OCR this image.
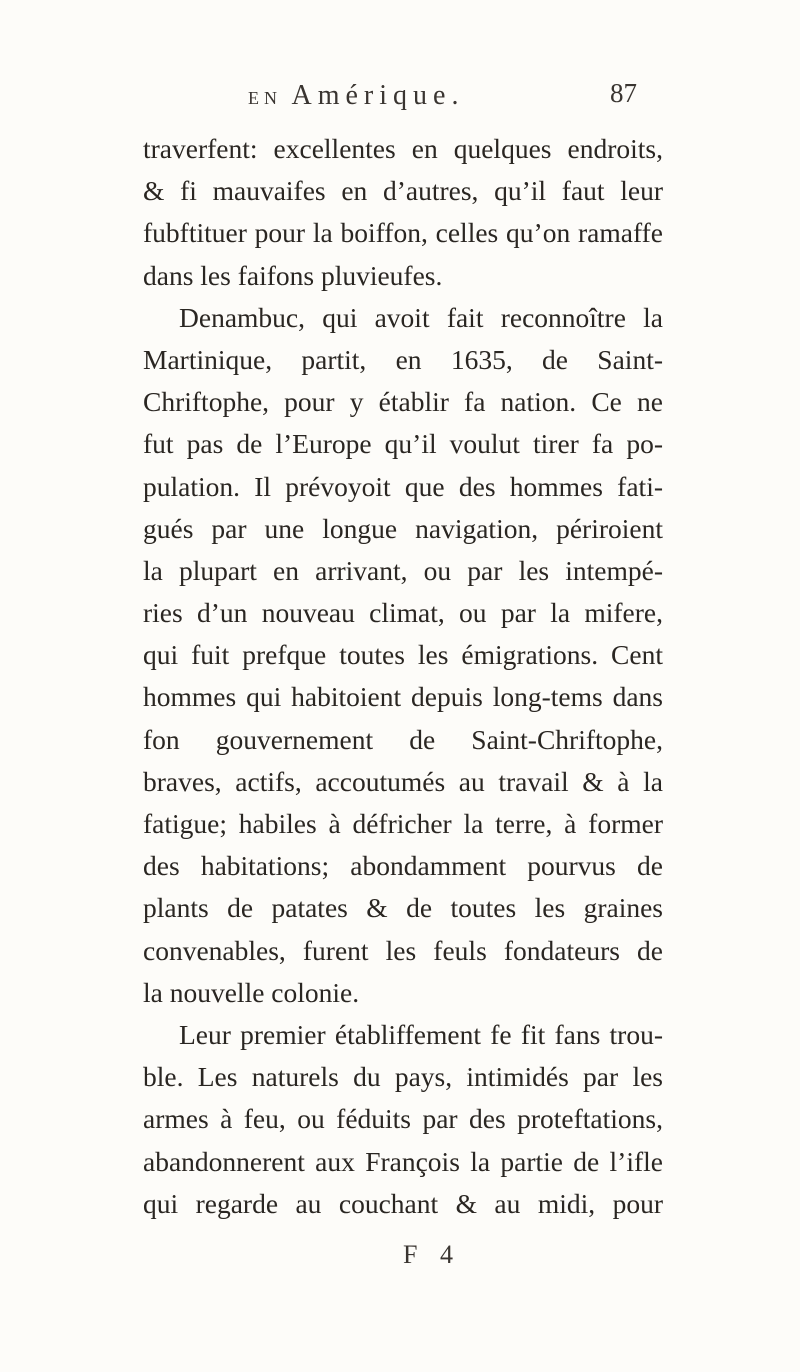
EN Amérique.	87
traverfent: excellentes en quelques endroits,
& fi mauvaifes en d’autres, qu’il faut leur
fubftituer pour la boiffon, celles qu’on ramaffe
dans les faifons pluvieufes.
Denambuc, qui avoit fait reconnoître la
Martinique, partit, en 1635, de Saint-
Chriftophe, pour y établir fa nation. Ce ne
fut pas de l’Europe qu’il voulut tirer fa po-
pulation. Il prévoyoit que des hommes fati-
gués par une longue navigation, périroient
la plupart en arrivant, ou par les intempé-
ries d’un nouveau climat, ou par la mifere,
qui fuit prefque toutes les émigrations. Cent
hommes qui habitoient depuis long-tems dans
fon gouvernement de Saint-Chriftophe,
braves, actifs, accoutumés au travail & à la
fatigue; habiles à défricher la terre, à former
des habitations; abondamment pourvus de
plants de patates & de toutes les graines
convenables, furent les feuls fondateurs de
la nouvelle colonie.
Leur premier établiffement fe fit fans trou-
ble. Les naturels du pays, intimidés par les
armes à feu, ou féduits par des proteftations,
abandonnerent aux François la partie de l’ifle
qui regarde au couchant & au midi, pour
F 4
